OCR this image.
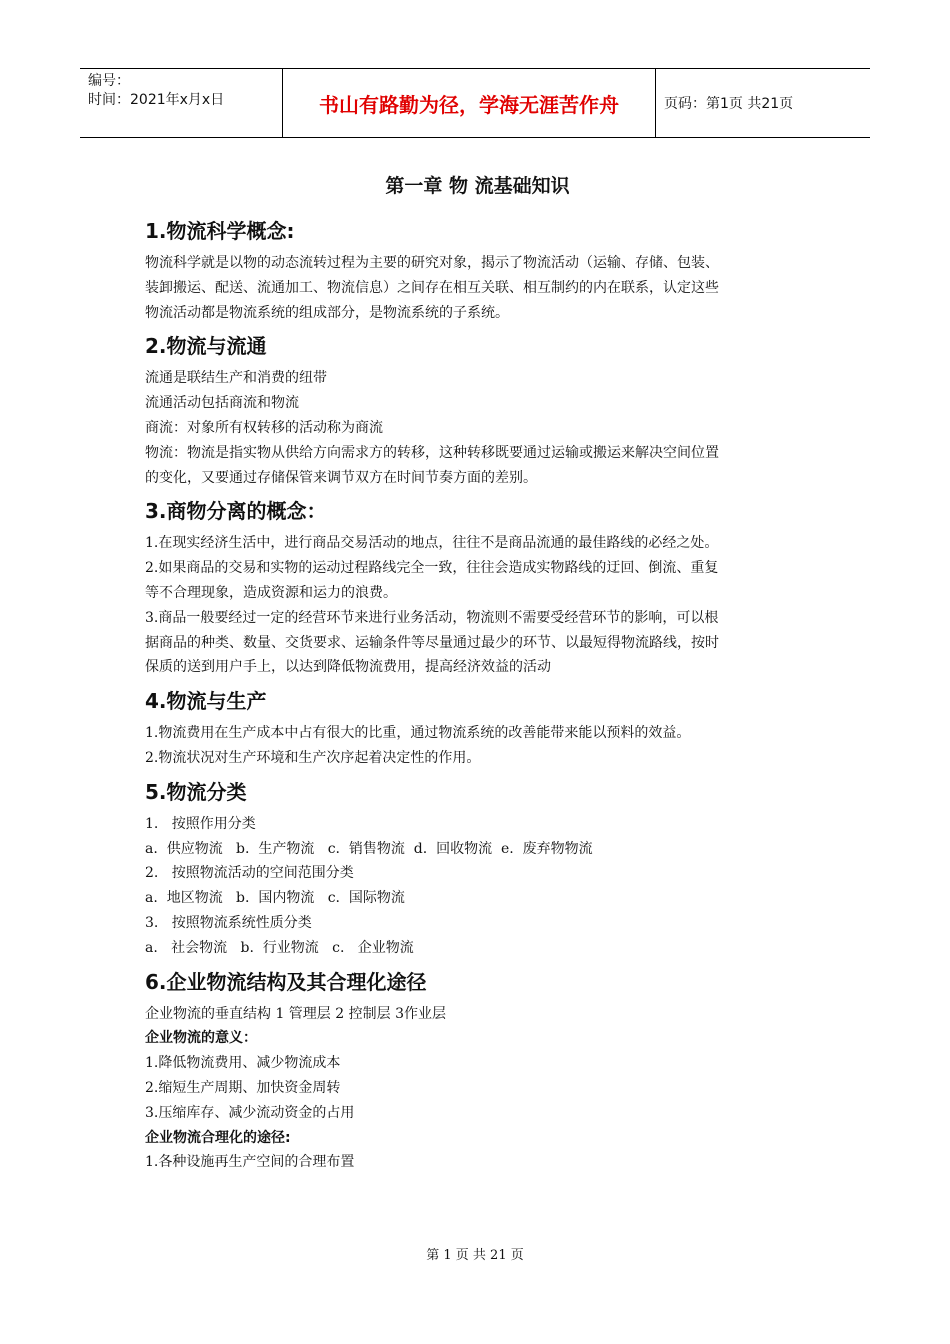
编号：
时间：2021年x月x日	书山有路勤为径，学海无涯苦作舟	页码：第1页 共21页
第一章 物 流基础知识
1.物流科学概念:
物流科学就是以物的动态流转过程为主要的研究对象，揭示了物流活动（运输、存储、包装、
装卸搬运、配送、流通加工、物流信息）之间存在相互关联、相互制约的内在联系，认定这些
物流活动都是物流系统的组成部分，是物流系统的子系统。
2.物流与流通
流通是联结生产和消费的纽带
流通活动包括商流和物流
商流：对象所有权转移的活动称为商流
物流：物流是指实物从供给方向需求方的转移，这种转移既要通过运输或搬运来解决空间位置
的变化，又要通过存储保管来调节双方在时间节奏方面的差别。
3.商物分离的概念：
1.在现实经济生活中，进行商品交易活动的地点，往往不是商品流通的最佳路线的必经之处。
2.如果商品的交易和实物的运动过程路线完全一致，往往会造成实物路线的迂回、倒流、重复
等不合理现象，造成资源和运力的浪费。
3.商品一般要经过一定的经营环节来进行业务活动，物流则不需要受经营环节的影响，可以根
据商品的种类、数量、交货要求、运输条件等尽量通过最少的环节、以最短得物流路线，按时
保质的送到用户手上，以达到降低物流费用，提高经济效益的活动
4.物流与生产
1.物流费用在生产成本中占有很大的比重，通过物流系统的改善能带来能以预料的效益。
2.物流状况对生产环境和生产次序起着决定性的作用。
5.物流分类
1.   按照作用分类
a.  供应物流   b.  生产物流   c.  销售物流  d.  回收物流  e.  废弃物物流
2.   按照物流活动的空间范围分类
a.  地区物流   b.  国内物流   c.  国际物流
3.   按照物流系统性质分类
a.   社会物流   b.  行业物流   c.   企业物流
6.企业物流结构及其合理化途径
企业物流的垂直结构 1 管理层 2 控制层 3作业层
企业物流的意义：
1.降低物流费用、减少物流成本
2.缩短生产周期、加快资金周转
3.压缩库存、减少流动资金的占用
企业物流合理化的途径:
1.各种设施再生产空间的合理布置
第 1 页 共 21 页
